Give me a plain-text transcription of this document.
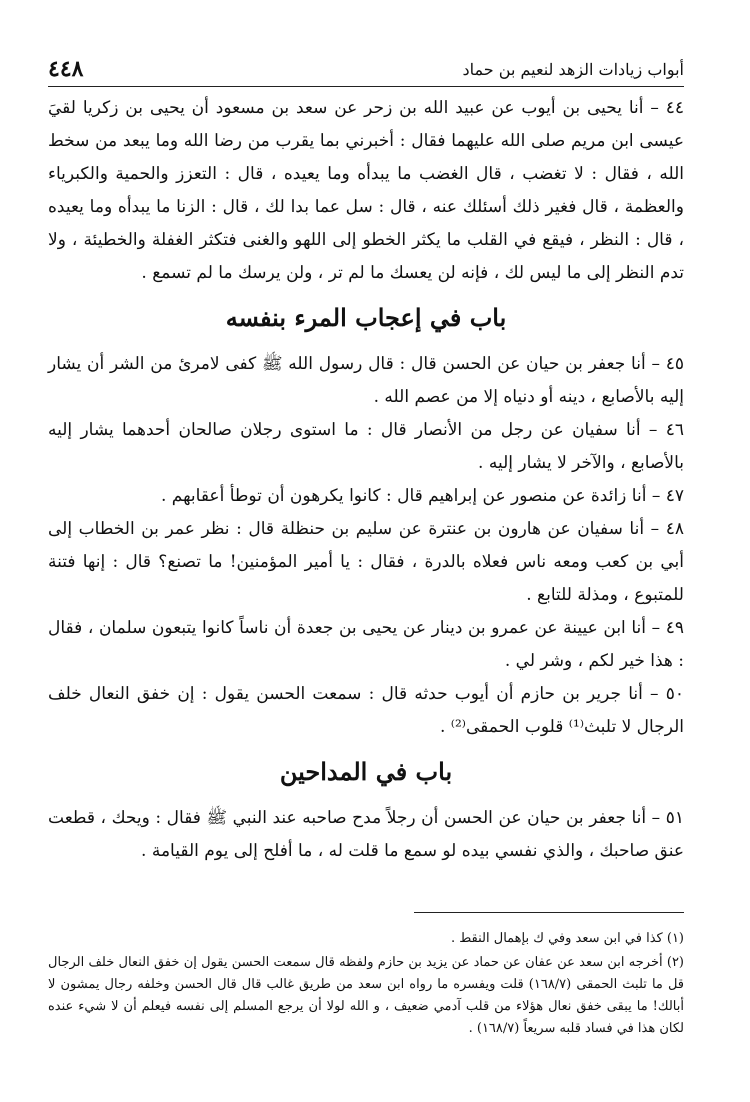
أبواب زيادات الزهد لنعيم بن حماد
٤٤٨

٤٤ – أنا يحيى بن أيوب عن عبيد الله بن زحر عن سعد بن مسعود أن يحيى بن زكريا لقيَ عيسى ابن مريم صلى الله عليهما فقال : أخبرني بما يقرب من رضا الله وما يبعد من سخط الله ، فقال : لا تغضب ، قال الغضب ما يبدأه وما يعيده ، قال : التعزز والحمية والكبرياء والعظمة ، قال فغير ذلك أسئلك عنه ، قال : سل عما بدا لك ، قال : الزنا ما يبدأه وما يعيده ، قال : النظر ، فيقع في القلب ما يكثر الخطو إلى اللهو والغنى فتكثر الغفلة والخطيئة ، ولا تدم النظر إلى ما ليس لك ، فإنه لن يعسك ما لم تر ، ولن يرسك ما لم تسمع .

باب في إعجاب المرء بنفسه

٤٥ – أنا جعفر بن حيان عن الحسن قال : قال رسول الله ﷺ كفى لامرئ من الشر أن يشار إليه بالأصابع ، دينه أو دنياه إلا من عصم الله .

٤٦ – أنا سفيان عن رجل من الأنصار قال : ما استوى رجلان صالحان أحدهما يشار إليه بالأصابع ، والآخر لا يشار إليه .

٤٧ – أنا زائدة عن منصور عن إبراهيم قال : كانوا يكرهون أن توطأ أعقابهم .

٤٨ – أنا سفيان عن هارون بن عنترة عن سليم بن حنظلة قال : نظر عمر بن الخطاب إلى أبي بن كعب ومعه ناس فعلاه بالدرة ، فقال : يا أمير المؤمنين! ما تصنع؟ قال : إنها فتنة للمتبوع ، ومذلة للتابع .

٤٩ – أنا ابن عيينة عن عمرو بن دينار عن يحيى بن جعدة أن ناساً كانوا يتبعون سلمان ، فقال : هذا خير لكم ، وشر لي .

٥٠ – أنا جرير بن حازم أن أيوب حدثه قال : سمعت الحسن يقول : إن خفق النعال خلف الرجال لا تلبث⁽¹⁾ قلوب الحمقى⁽²⁾ .

باب في المداحين

٥١ – أنا جعفر بن حيان عن الحسن أن رجلاً مدح صاحبه عند النبي ﷺ فقال : ويحك ، قطعت عنق صاحبك ، والذي نفسي بيده لو سمع ما قلت له ، ما أفلح إلى يوم القيامة .

(١) كذا في ابن سعد وفي ك بإهمال النقط .

(٢) أخرجه ابن سعد عن عفان عن حماد عن يزيد بن حازم ولفظه قال سمعت الحسن يقول إن خفق النعال خلف الرجال قل ما تلبث الحمقى (١٦٨/٧) قلت ويفسره ما رواه ابن سعد من طريق غالب قال قال الحسن وخلفه رجال يمشون لا أبالك! ما يبقى خفق نعال هؤلاء من قلب آدمي ضعيف ، و الله لولا أن يرجع المسلم إلى نفسه فيعلم أن لا شيء عنده لكان هذا في فساد قلبه سريعاً (١٦٨/٧) .
